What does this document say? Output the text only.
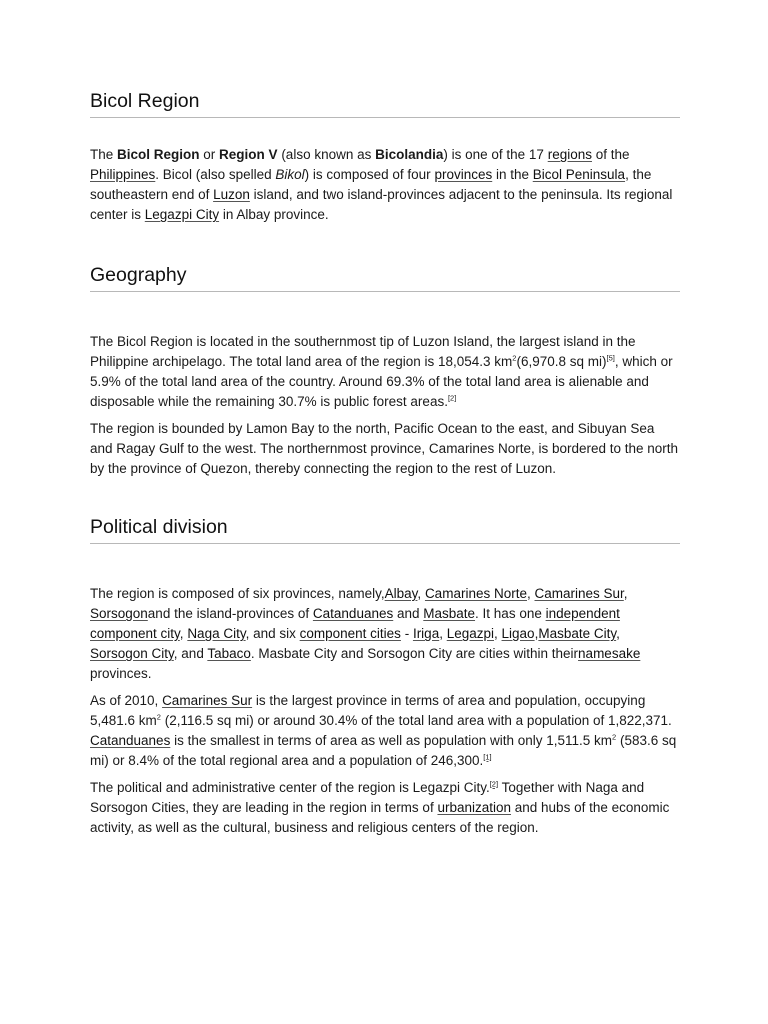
Bicol Region

The Bicol Region or Region V (also known as Bicolandia) is one of the 17 regions of the Philippines. Bicol (also spelled Bikol) is composed of four provinces in the Bicol Peninsula, the southeastern end of Luzon island, and two island-provinces adjacent to the peninsula. Its regional center is Legazpi City in Albay province.

Geography

The Bicol Region is located in the southernmost tip of Luzon Island, the largest island in the Philippine archipelago. The total land area of the region is 18,054.3 $km^2(6,970.8$ sq mi)[5], which or 5.9% of the total land area of the country. Around 69.3% of the total land area is alienable and disposable while the remaining 30.7% is public forest areas.[2]

The region is bounded by Lamon Bay to the north, Pacific Ocean to the east, and Sibuyan Sea and Ragay Gulf to the west. The northernmost province, Camarines Norte, is bordered to the north by the province of Quezon, thereby connecting the region to the rest of Luzon.

Political division

The region is composed of six provinces, namely,Albay, Camarines Norte, Camarines Sur, Sorsogonand the island-provinces of Catanduanes and Masbate. It has one independent component city, Naga City, and six component cities - Iriga, Legazpi, Ligao,Masbate City, Sorsogon City, and Tabaco. Masbate City and Sorsogon City are cities within theirnamesake provinces.

As of 2010, Camarines Sur is the largest province in terms of area and population, occupying 5,481.6 $km^2$ (2,116.5 sq mi) or around 30.4% of the total land area with a population of 1,822,371. Catanduanes is the smallest in terms of area as well as population with only 1,511.5 $km^2$ (583.6 sq mi) or 8.4% of the total regional area and a population of 246,300.[1]

The political and administrative center of the region is Legazpi City.[2] Together with Naga and Sorsogon Cities, they are leading in the region in terms of urbanization and hubs of the economic activity, as well as the cultural, business and religious centers of the region.
